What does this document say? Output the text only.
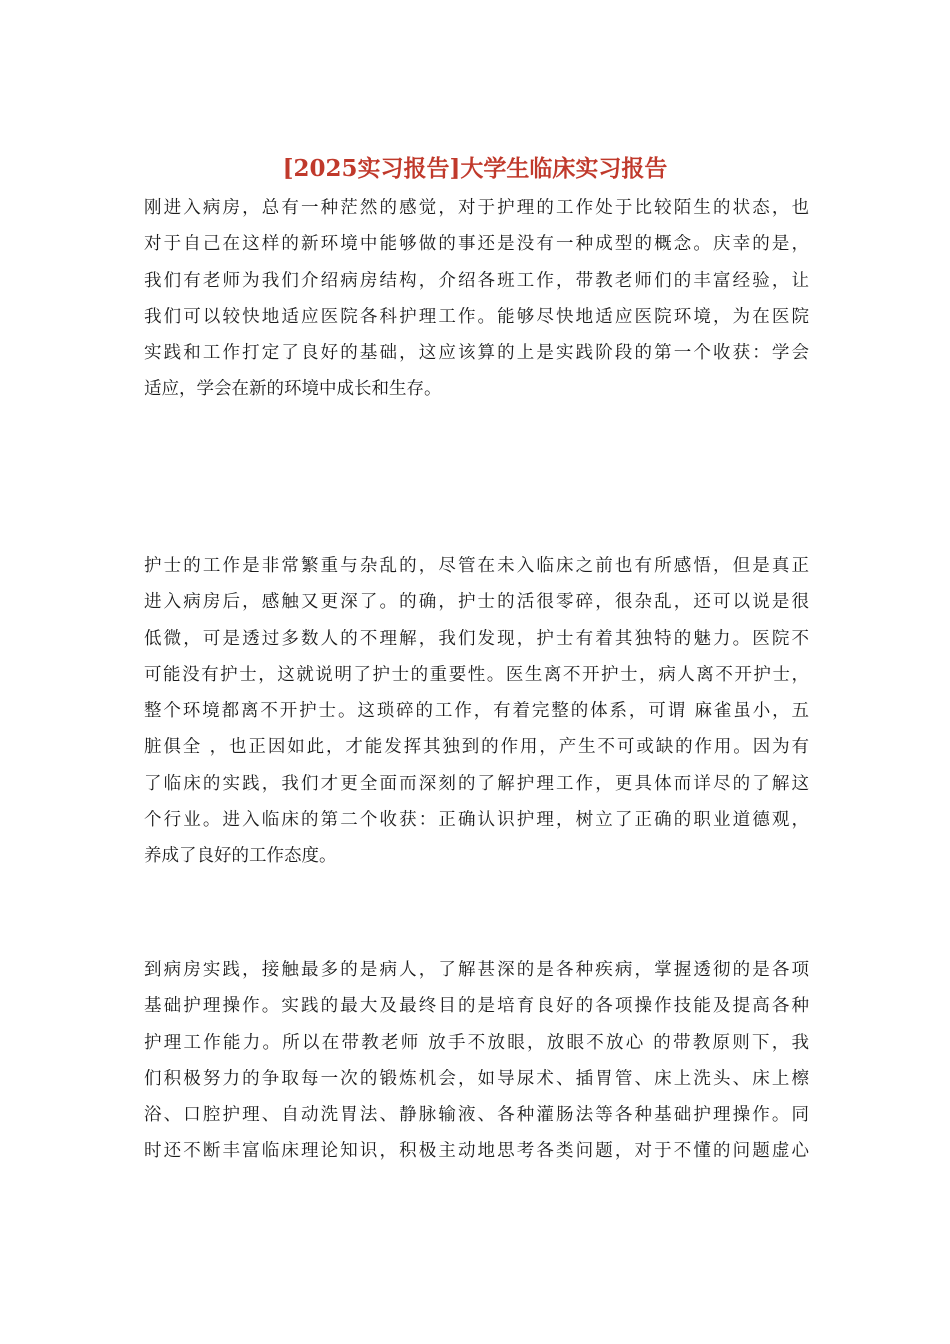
[2025实习报告]大学生临床实习报告
刚进入病房，总有一种茫然的感觉，对于护理的工作处于比较陌生的状态，也
对于自己在这样的新环境中能够做的事还是没有一种成型的概念。庆幸的是，
我们有老师为我们介绍病房结构，介绍各班工作，带教老师们的丰富经验，让
我们可以较快地适应医院各科护理工作。能够尽快地适应医院环境，为在医院
实践和工作打定了良好的基础，这应该算的上是实践阶段的第一个收获：学会
适应，学会在新的环境中成长和生存。
护士的工作是非常繁重与杂乱的，尽管在未入临床之前也有所感悟，但是真正
进入病房后，感触又更深了。的确，护士的活很零碎，很杂乱，还可以说是很
低微，可是透过多数人的不理解，我们发现，护士有着其独特的魅力。医院不
可能没有护士，这就说明了护士的重要性。医生离不开护士，病人离不开护士，
整个环境都离不开护士。这琐碎的工作，有着完整的体系，可谓 麻雀虽小，五
脏俱全 ，也正因如此，才能发挥其独到的作用，产生不可或缺的作用。因为有
了临床的实践，我们才更全面而深刻的了解护理工作，更具体而详尽的了解这
个行业。进入临床的第二个收获：正确认识护理，树立了正确的职业道德观，
养成了良好的工作态度。
到病房实践，接触最多的是病人，了解甚深的是各种疾病，掌握透彻的是各项
基础护理操作。实践的最大及最终目的是培育良好的各项操作技能及提高各种
护理工作能力。所以在带教老师 放手不放眼，放眼不放心 的带教原则下，我
们积极努力的争取每一次的锻炼机会，如导尿术、插胃管、床上洗头、床上檫
浴、口腔护理、自动洗胃法、静脉输液、各种灌肠法等各种基础护理操作。同
时还不断丰富临床理论知识，积极主动地思考各类问题，对于不懂的问题虚心
